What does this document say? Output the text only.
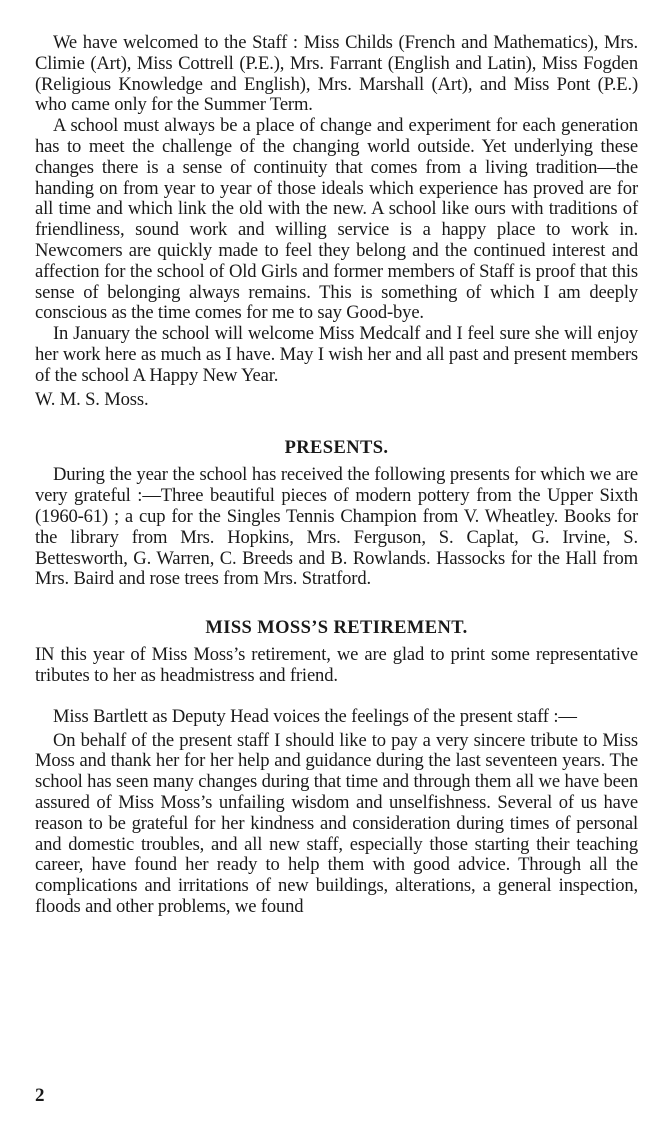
We have welcomed to the Staff : Miss Childs (French and Mathematics), Mrs. Climie (Art), Miss Cottrell (P.E.), Mrs. Farrant (English and Latin), Miss Fogden (Religious Knowledge and English), Mrs. Marshall (Art), and Miss Pont (P.E.) who came only for the Summer Term.

A school must always be a place of change and experiment for each generation has to meet the challenge of the changing world outside. Yet underlying these changes there is a sense of continuity that comes from a living tradition—the handing on from year to year of those ideals which experience has proved are for all time and which link the old with the new. A school like ours with traditions of friendliness, sound work and willing service is a happy place to work in. Newcomers are quickly made to feel they belong and the continued interest and affection for the school of Old Girls and former members of Staff is proof that this sense of belonging always remains. This is something of which I am deeply conscious as the time comes for me to say Good-bye.

In January the school will welcome Miss Medcalf and I feel sure she will enjoy her work here as much as I have. May I wish her and all past and present members of the school A Happy New Year.

W. M. S. Moss.

PRESENTS.

During the year the school has received the following presents for which we are very grateful :—Three beautiful pieces of modern pottery from the Upper Sixth (1960-61) ; a cup for the Singles Tennis Champion from V. Wheatley. Books for the library from Mrs. Hopkins, Mrs. Ferguson, S. Caplat, G. Irvine, S. Bettesworth, G. Warren, C. Breeds and B. Rowlands. Hassocks for the Hall from Mrs. Baird and rose trees from Mrs. Stratford.

MISS MOSS’S RETIREMENT.

IN this year of Miss Moss’s retirement, we are glad to print some representative tributes to her as headmistress and friend.

Miss Bartlett as Deputy Head voices the feelings of the present staff :—

On behalf of the present staff I should like to pay a very sincere tribute to Miss Moss and thank her for her help and guidance during the last seventeen years. The school has seen many changes during that time and through them all we have been assured of Miss Moss’s unfailing wisdom and unselfishness. Several of us have reason to be grateful for her kindness and consideration during times of personal and domestic troubles, and all new staff, especially those starting their teaching career, have found her ready to help them with good advice. Through all the complications and irritations of new buildings, alterations, a general inspection, floods and other problems, we found

2
